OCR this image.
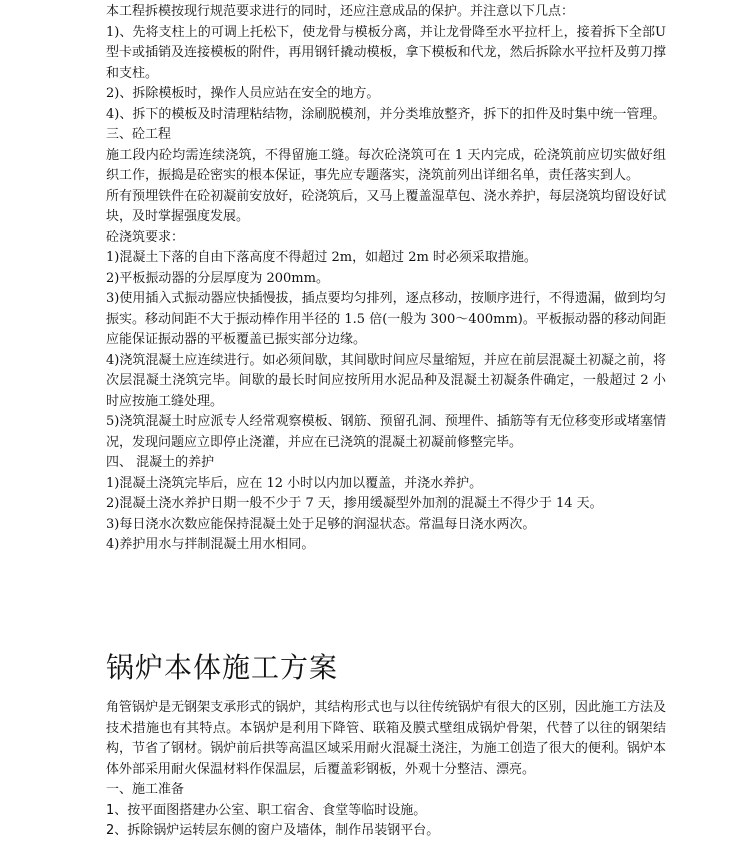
本工程拆模按现行规范要求进行的同时，还应注意成品的保护。并注意以下几点：

1)、先将支柱上的可调上托松下，使龙骨与模板分离，并让龙骨降至水平拉杆上，接着拆下全部U 型卡或插销及连接模板的附件，再用钢钎撬动模板，拿下模板和代龙，然后拆除水平拉杆及剪刀撑和支柱。

2)、拆除模板时，操作人员应站在安全的地方。

4)、拆下的模板及时清理粘结物，涂刷脱模剂，并分类堆放整齐，拆下的扣件及时集中统一管理。

三、砼工程

施工段内砼均需连续浇筑，不得留施工缝。每次砼浇筑可在 1 天内完成，砼浇筑前应切实做好组织工作，振捣是砼密实的根本保证，事先应专题落实，浇筑前列出详细名单，责任落实到人。

所有预埋铁件在砼初凝前安放好，砼浇筑后，又马上覆盖湿草包、浇水养护，每层浇筑均留设好试块，及时掌握强度发展。

砼浇筑要求：

1)混凝土下落的自由下落高度不得超过 2m，如超过 2m 时必须采取措施。

2)平板振动器的分层厚度为 200mm。

3)使用插入式振动器应快插慢拔，插点要均匀排列，逐点移动，按顺序进行，不得遗漏，做到均匀振实。移动间距不大于振动棒作用半径的 1.5 倍(一般为 300～400mm)。平板振动器的移动间距应能保证振动器的平板覆盖已振实部分边缘。

4)浇筑混凝土应连续进行。如必须间歇，其间歇时间应尽量缩短，并应在前层混凝土初凝之前，将次层混凝土浇筑完毕。间歇的最长时间应按所用水泥品种及混凝土初凝条件确定，一般超过 2 小时应按施工缝处理。

5)浇筑混凝土时应派专人经常观察模板、钢筋、预留孔洞、预埋件、插筋等有无位移变形或堵塞情况，发现问题应立即停止浇灌，并应在已浇筑的混凝土初凝前修整完毕。

四、 混凝土的养护

1)混凝土浇筑完毕后，应在 12 小时以内加以覆盖，并浇水养护。

2)混凝土浇水养护日期一般不少于 7 天，掺用缓凝型外加剂的混凝土不得少于 14 天。

3)每日浇水次数应能保持混凝土处于足够的润湿状态。常温每日浇水两次。

4)养护用水与拌制混凝土用水相同。

锅炉本体施工方案

角管锅炉是无钢架支承形式的锅炉，其结构形式也与以往传统锅炉有很大的区别，因此施工方法及技术措施也有其特点。本锅炉是利用下降管、联箱及膜式壁组成锅炉骨架，代替了以往的钢架结构，节省了钢材。锅炉前后拱等高温区域采用耐火混凝土浇注，为施工创造了很大的便利。锅炉本体外部采用耐火保温材料作保温层，后覆盖彩钢板，外观十分整洁、漂亮。

一、施工准备

1、按平面图搭建办公室、职工宿舍、食堂等临时设施。

2、拆除锅炉运转层东侧的窗户及墙体，制作吊装钢平台。
